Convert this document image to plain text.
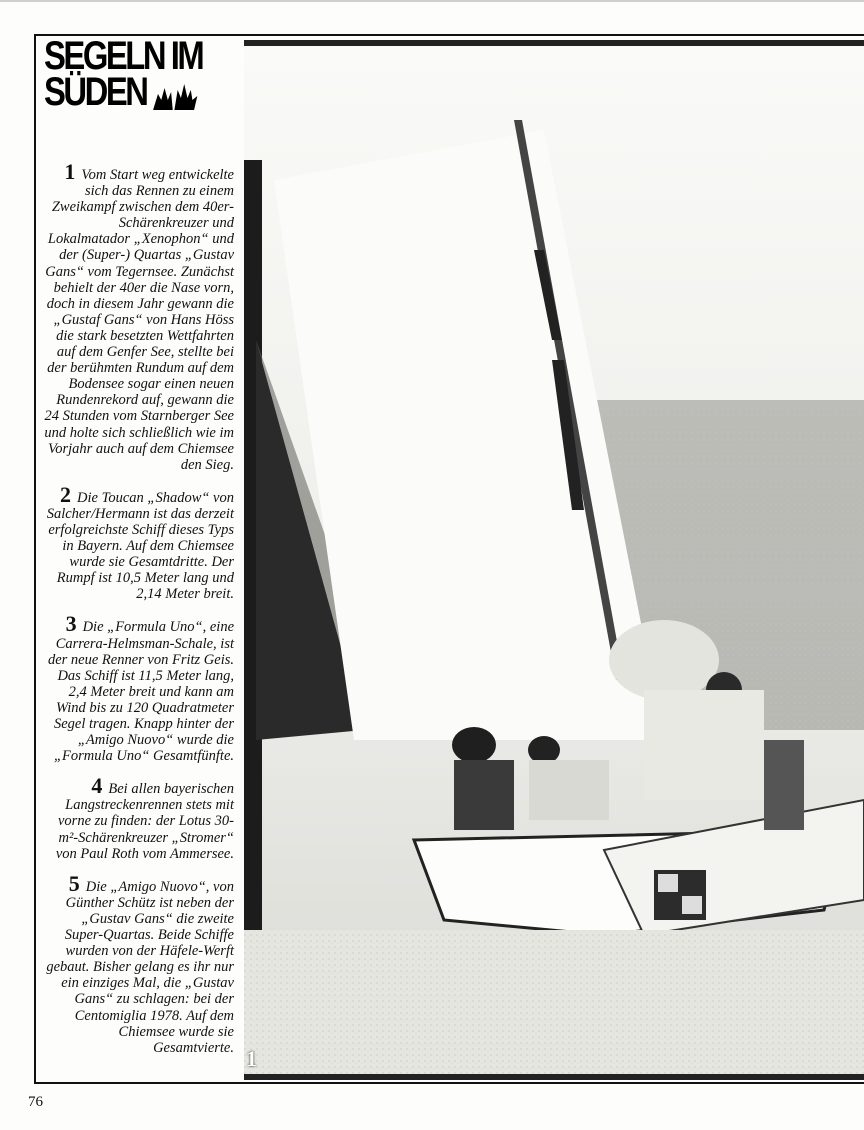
SEGELN IM
SÜDEN

1 Vom Start weg entwickelte sich das Rennen zu einem Zweikampf zwischen dem 40er-Schärenkreuzer und Lokalmatador „Xenophon“ und der (Super-) Quartas „Gustav Gans“ vom Tegernsee. Zunächst behielt der 40er die Nase vorn, doch in diesem Jahr gewann die „Gustaf Gans“ von Hans Höss die stark besetzten Wettfahrten auf dem Genfer See, stellte bei der berühmten Rundum auf dem Bodensee sogar einen neuen Rundenrekord auf, gewann die 24 Stunden vom Starnberger See und holte sich schließlich wie im Vorjahr auch auf dem Chiemsee den Sieg.

2 Die Toucan „Shadow“ von Salcher/Hermann ist das derzeit erfolgreichste Schiff dieses Typs in Bayern. Auf dem Chiemsee wurde sie Gesamtdritte. Der Rumpf ist 10,5 Meter lang und 2,14 Meter breit.

3 Die „Formula Uno“, eine Carrera-Helmsman-Schale, ist der neue Renner von Fritz Geis. Das Schiff ist 11,5 Meter lang, 2,4 Meter breit und kann am Wind bis zu 120 Quadratmeter Segel tragen. Knapp hinter der „Amigo Nuovo“ wurde die „Formula Uno“ Gesamtfünfte.

4 Bei allen bayerischen Langstreckenrennen stets mit vorne zu finden: der Lotus 30-m²-Schärenkreuzer „Stromer“ von Paul Roth vom Ammersee.

5 Die „Amigo Nuovo“, von Günther Schütz ist neben der „Gustav Gans“ die zweite Super-Quartas. Beide Schiffe wurden von der Häfele-Werft gebaut. Bisher gelang es ihr nur ein einziges Mal, die „Gustav Gans“ zu schlagen: bei der Centomiglia 1978. Auf dem Chiemsee wurde sie Gesamtvierte. 1
76
